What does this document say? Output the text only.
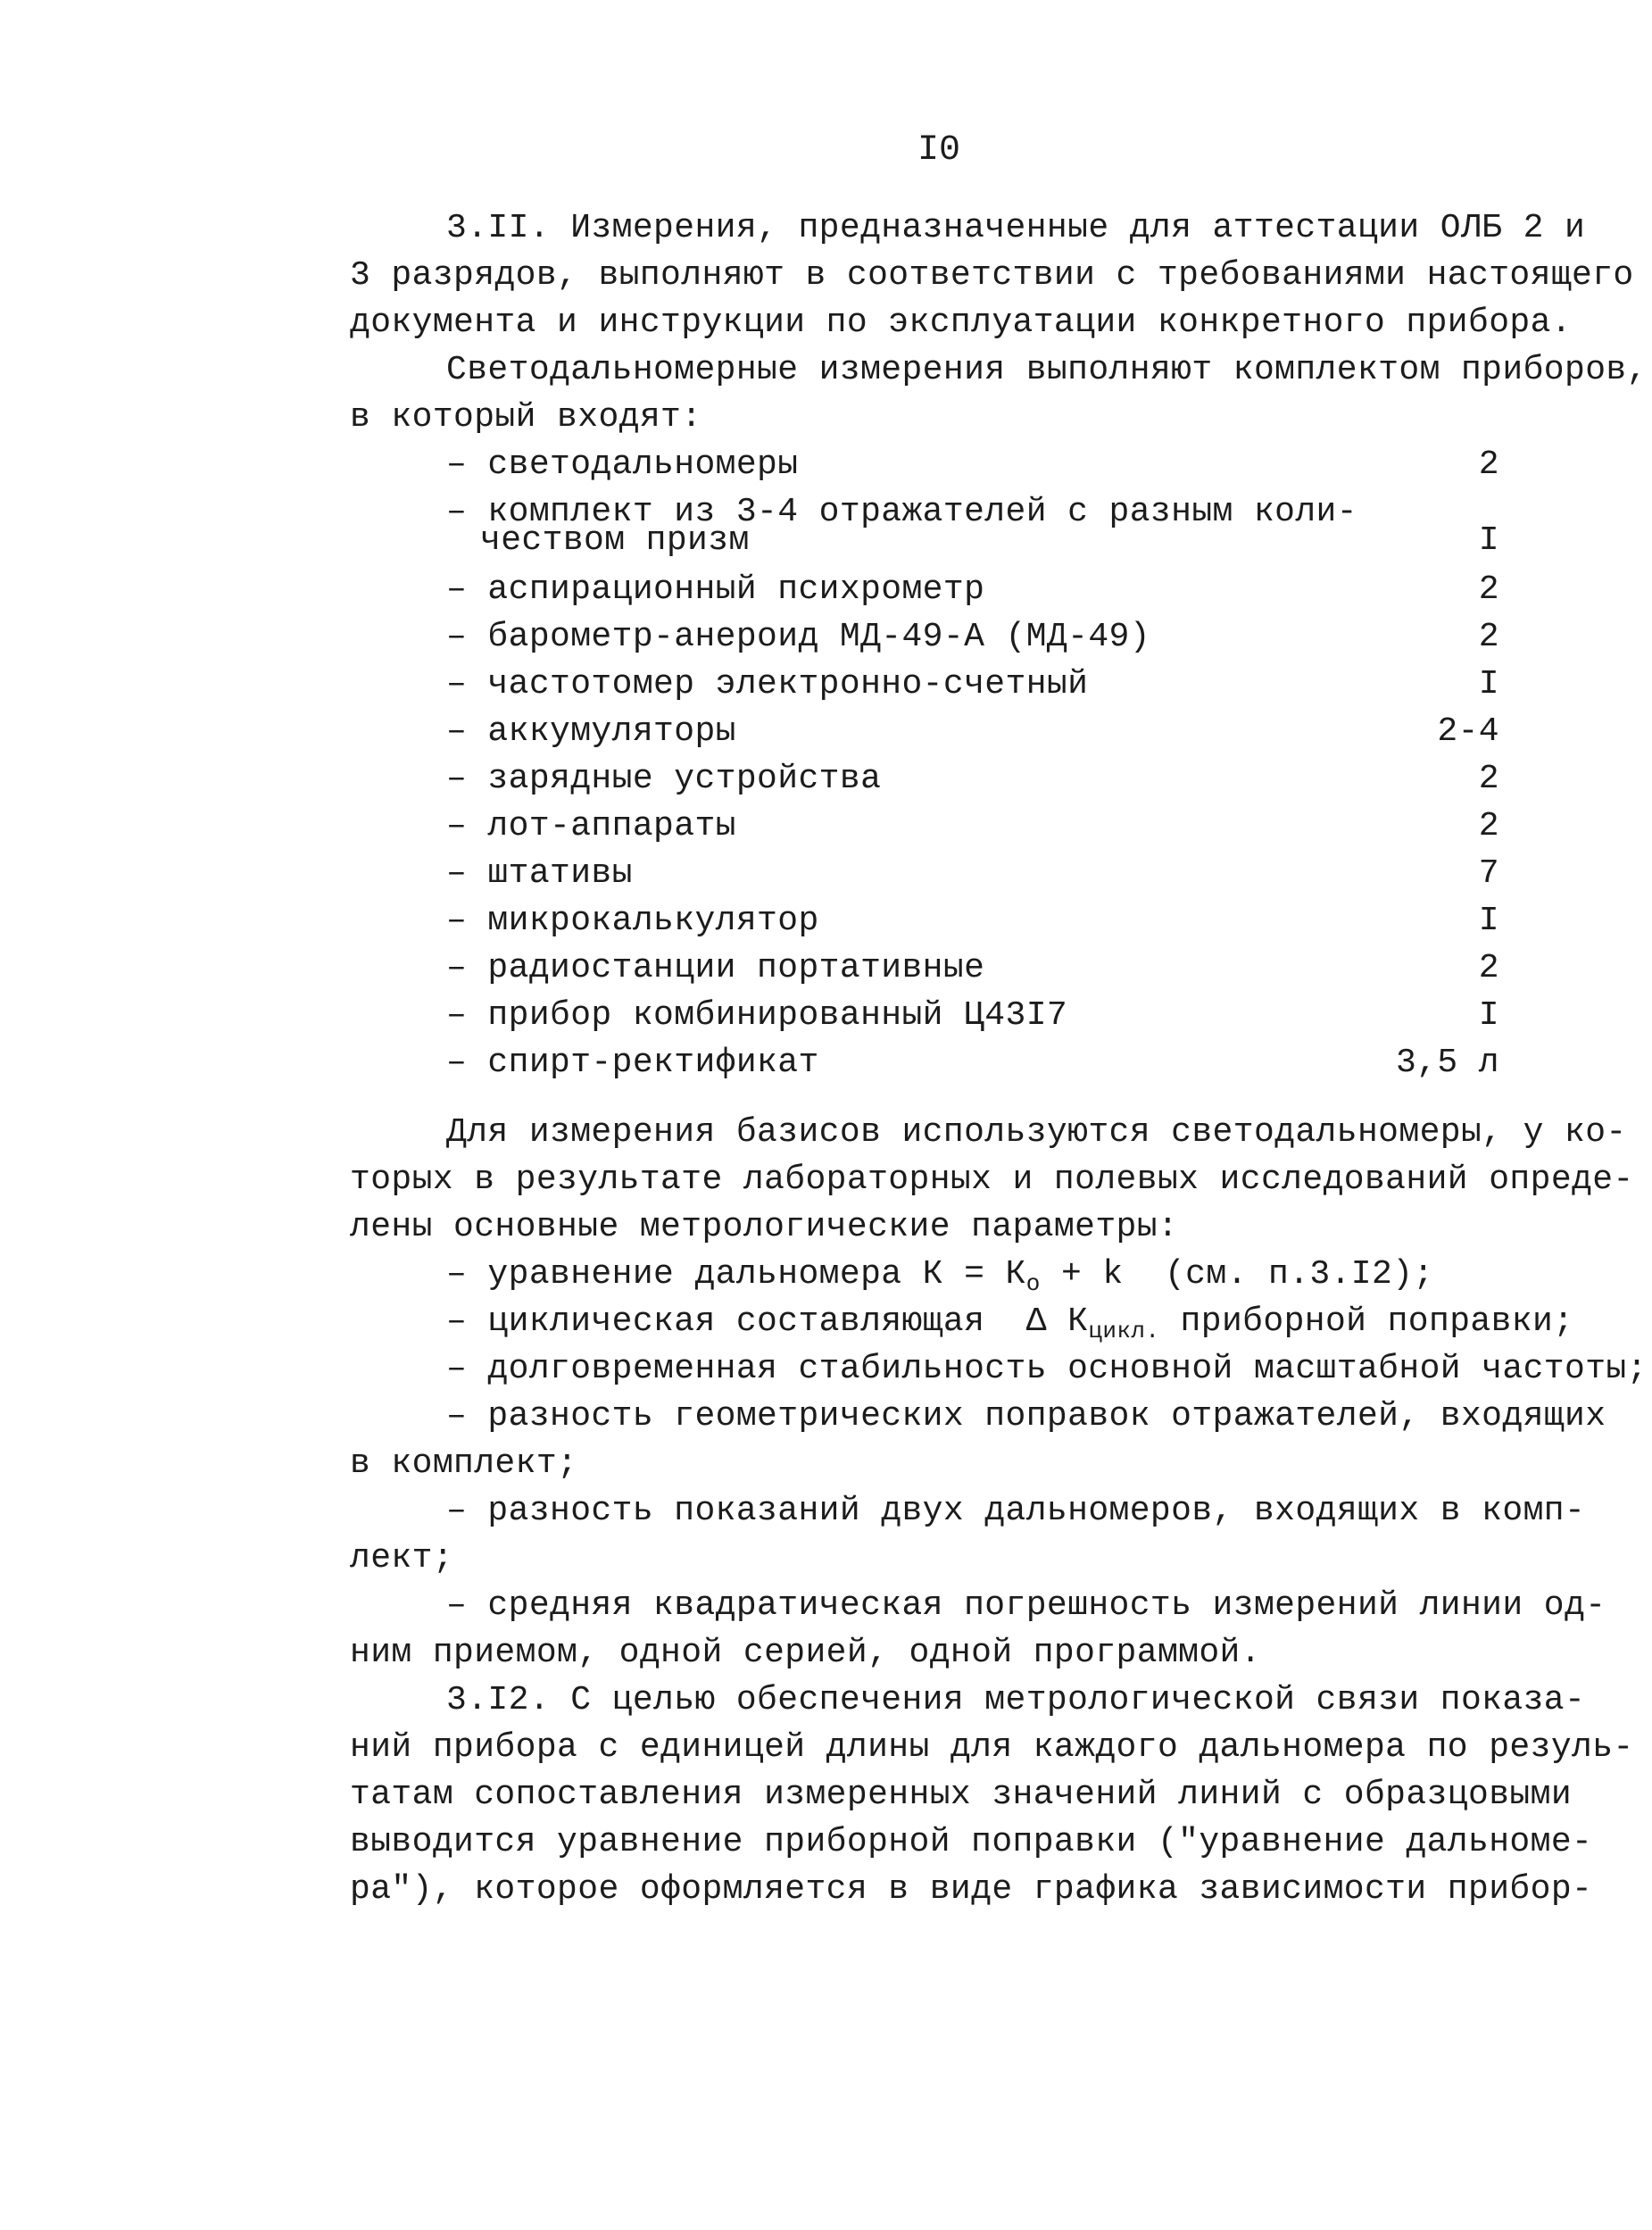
I0
3.II. Измерения, предназначенные для аттестации ОЛБ 2 и
3 разрядов, выполняют в соответствии с требованиями настоящего
документа и инструкции по эксплуатации конкретного прибора.
Светодальномерные измерения выполняют комплектом приборов,
в который входят:

– светодальномеры

	2

– комплект из 3-4 отражателей с разным коли-

чеством призм

	I

– аспирационный психрометр

	2

– барометр-анероид МД-49-А (МД-49)

	2

– частотомер электронно-счетный

	I

– аккумуляторы

	2-4

– зарядные устройства

	2

– лот-аппараты

	2

– штативы

	7

– микрокалькулятор

	I

– радиостанции портативные

	2

– прибор комбинированный Ц43I7

	I

– спирт-ректификат

	3,5 л

Для измерения базисов используются светодальномеры, у ко-
торых в результате лабораторных и полевых исследований опреде-
лены основные метрологические параметры:
– уравнение дальномера $К = К_o + k$  (см. п.3.I2);
– циклическая составляющая  Δ $К_{цикл.}$ приборной поправки;
– долговременная стабильность основной масштабной частоты;
– разность геометрических поправок отражателей, входящих
в комплект;
– разность показаний двух дальномеров, входящих в комп-
лект;
– средняя квадратическая погрешность измерений линии од-
ним приемом, одной серией, одной программой.
3.I2. С целью обеспечения метрологической связи показа-
ний прибора с единицей длины для каждого дальномера по резуль-
татам сопоставления измеренных значений линий с образцовыми
выводится уравнение приборной поправки ("уравнение дальноме-
ра"), которое оформляется в виде графика зависимости прибор-
